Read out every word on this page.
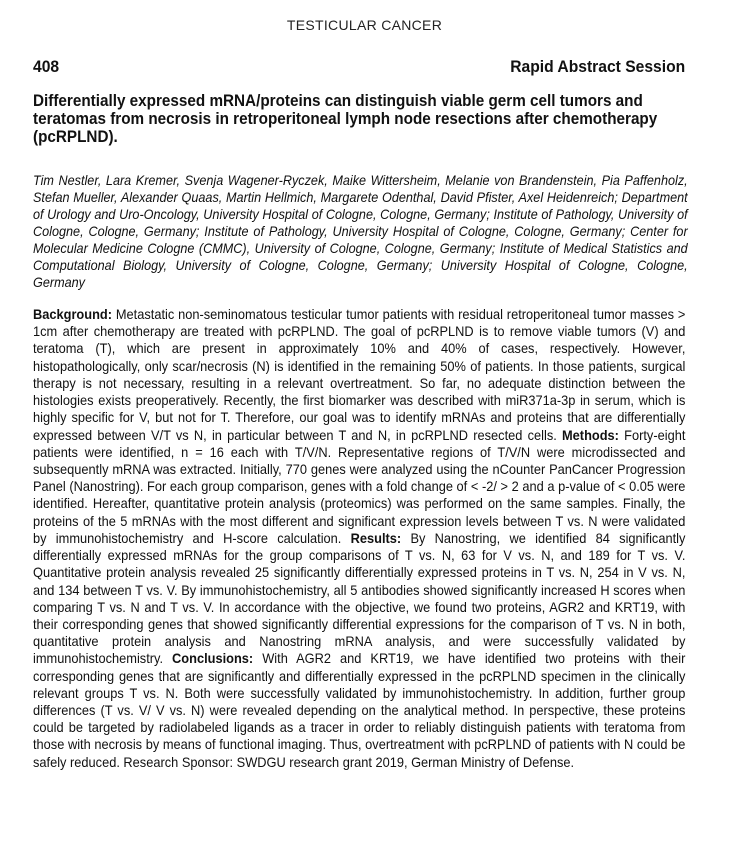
TESTICULAR CANCER
408	Rapid Abstract Session
Differentially expressed mRNA/proteins can distinguish viable germ cell tumors and teratomas from necrosis in retroperitoneal lymph node resections after chemotherapy (pcRPLND).
Tim Nestler, Lara Kremer, Svenja Wagener-Ryczek, Maike Wittersheim, Melanie von Brandenstein, Pia Paffenholz, Stefan Mueller, Alexander Quaas, Martin Hellmich, Margarete Odenthal, David Pfister, Axel Heidenreich; Department of Urology and Uro-Oncology, University Hospital of Cologne, Cologne, Germany; Institute of Pathology, University of Cologne, Cologne, Germany; Institute of Pathology, University Hospital of Cologne, Cologne, Germany; Center for Molecular Medicine Cologne (CMMC), University of Cologne, Cologne, Germany; Institute of Medical Statistics and Computational Biology, University of Cologne, Cologne, Germany; University Hospital of Cologne, Cologne, Germany
Background: Metastatic non-seminomatous testicular tumor patients with residual retroperitoneal tumor masses > 1cm after chemotherapy are treated with pcRPLND. The goal of pcRPLND is to remove viable tumors (V) and teratoma (T), which are present in approximately 10% and 40% of cases, respectively. However, histopathologically, only scar/necrosis (N) is identified in the remaining 50% of patients. In those patients, surgical therapy is not necessary, resulting in a relevant overtreatment. So far, no adequate distinction between the histologies exists preoperatively. Recently, the first biomarker was described with miR371a-3p in serum, which is highly specific for V, but not for T. Therefore, our goal was to identify mRNAs and proteins that are differentially expressed between V/T vs N, in particular between T and N, in pcRPLND resected cells. Methods: Forty-eight patients were identified, n = 16 each with T/V/N. Representative regions of T/V/N were microdissected and subsequently mRNA was extracted. Initially, 770 genes were analyzed using the nCounter PanCancer Progression Panel (Nanostring). For each group comparison, genes with a fold change of < -2/ > 2 and a p-value of < 0.05 were identified. Hereafter, quantitative protein analysis (proteomics) was performed on the same samples. Finally, the proteins of the 5 mRNAs with the most different and significant expression levels between T vs. N were validated by immunohistochemistry and H-score calculation. Results: By Nanostring, we identified 84 significantly differentially expressed mRNAs for the group comparisons of T vs. N, 63 for V vs. N, and 189 for T vs. V. Quantitative protein analysis revealed 25 significantly differentially expressed proteins in T vs. N, 254 in V vs. N, and 134 between T vs. V. By immunohistochemistry, all 5 antibodies showed significantly increased H scores when comparing T vs. N and T vs. V. In accordance with the objective, we found two proteins, AGR2 and KRT19, with their corresponding genes that showed significantly differential expressions for the comparison of T vs. N in both, quantitative protein analysis and Nanostring mRNA analysis, and were successfully validated by immunohistochemistry. Conclusions: With AGR2 and KRT19, we have identified two proteins with their corresponding genes that are significantly and differentially expressed in the pcRPLND specimen in the clinically relevant groups T vs. N. Both were successfully validated by immunohistochemistry. In addition, further group differences (T vs. V/ V vs. N) were revealed depending on the analytical method. In perspective, these proteins could be targeted by radiolabeled ligands as a tracer in order to reliably distinguish patients with teratoma from those with necrosis by means of functional imaging. Thus, overtreatment with pcRPLND of patients with N could be safely reduced. Research Sponsor: SWDGU research grant 2019, German Ministry of Defense.
